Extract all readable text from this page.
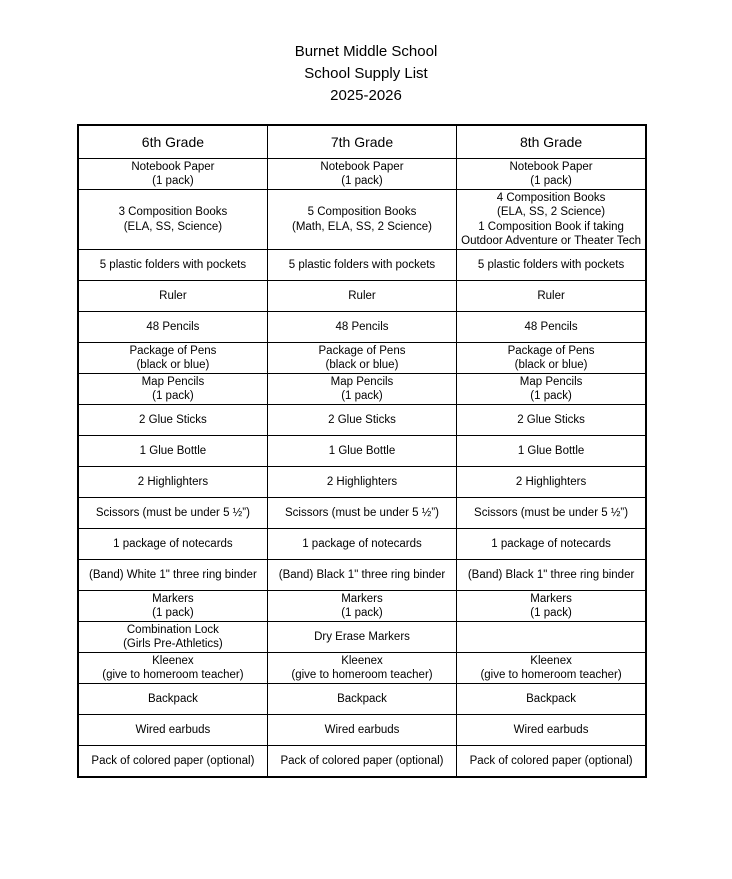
Burnet Middle School
School Supply List
2025-2026
6th Grade	7th Grade	8th Grade

Notebook Paper
(1 pack)	Notebook Paper
(1 pack)	Notebook Paper
(1 pack)

3 Composition Books
(ELA, SS, Science)	5 Composition Books
(Math, ELA, SS, 2 Science)	4 Composition Books
(ELA, SS, 2 Science)
1 Composition Book if taking
Outdoor Adventure or Theater Tech

5 plastic folders with pockets	5 plastic folders with pockets	5 plastic folders with pockets

Ruler	Ruler	Ruler

48 Pencils	48 Pencils	48 Pencils

Package of Pens
(black or blue)	Package of Pens
(black or blue)	Package of Pens
(black or blue)

Map Pencils
(1 pack)	Map Pencils
(1 pack)	Map Pencils
(1 pack)

2 Glue Sticks	2 Glue Sticks	2 Glue Sticks

1 Glue Bottle	1 Glue Bottle	1 Glue Bottle

2 Highlighters	2 Highlighters	2 Highlighters

Scissors (must be under 5 ½”)	Scissors (must be under 5 ½”)	Scissors (must be under 5 ½”)

1 package of notecards	1 package of notecards	1 package of notecards

(Band) White 1" three ring binder	(Band) Black 1" three ring binder	(Band) Black 1" three ring binder

Markers
(1 pack)	Markers
(1 pack)	Markers
(1 pack)

Combination Lock
(Girls Pre-Athletics)	Dry Erase Markers	

Kleenex
(give to homeroom teacher)	Kleenex
(give to homeroom teacher)	Kleenex
(give to homeroom teacher)

Backpack	Backpack	Backpack

Wired earbuds	Wired earbuds	Wired earbuds

Pack of colored paper (optional)	Pack of colored paper (optional)	Pack of colored paper (optional)
